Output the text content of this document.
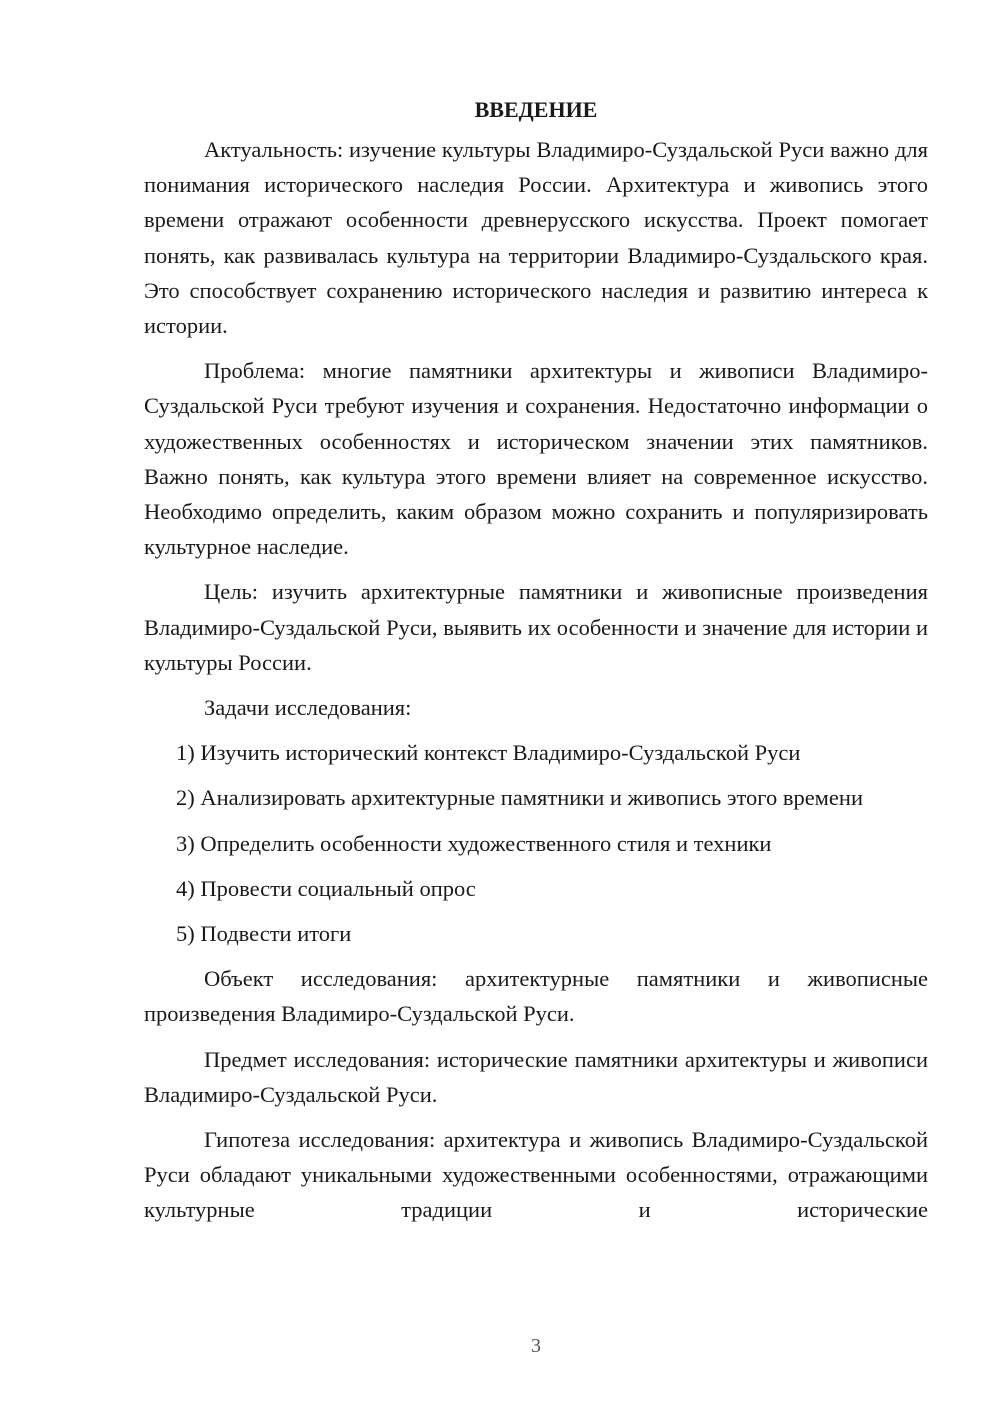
ВВЕДЕНИЕ

Актуальность: изучение культуры Владимиро-Суздальской Руси важно для понимания исторического наследия России. Архитектура и живопись этого времени отражают особенности древнерусского искусства. Проект помогает понять, как развивалась культура на территории Владимиро-Суздальского края. Это способствует сохранению исторического наследия и развитию интереса к истории.

Проблема: многие памятники архитектуры и живописи Владимиро-Суздальской Руси требуют изучения и сохранения. Недостаточно информации о художественных особенностях и историческом значении этих памятников. Важно понять, как культура этого времени влияет на современное искусство. Необходимо определить, каким образом можно сохранить и популяризировать культурное наследие.

Цель: изучить архитектурные памятники и живописные произведения Владимиро-Суздальской Руси, выявить их особенности и значение для истории и культуры России.

Задачи исследования:

1) Изучить исторический контекст Владимиро-Суздальской Руси

2) Анализировать архитектурные памятники и живопись этого времени

3) Определить особенности художественного стиля и техники

4) Провести социальный опрос

5) Подвести итоги

Объект исследования: архитектурные памятники и живописные произведения Владимиро-Суздальской Руси.

Предмет исследования: исторические памятники архитектуры и живописи Владимиро-Суздальской Руси.

Гипотеза исследования: архитектура и живопись Владимиро-Суздальской Руси обладают уникальными художественными особенностями, отражающими культурные традиции и исторические

3
